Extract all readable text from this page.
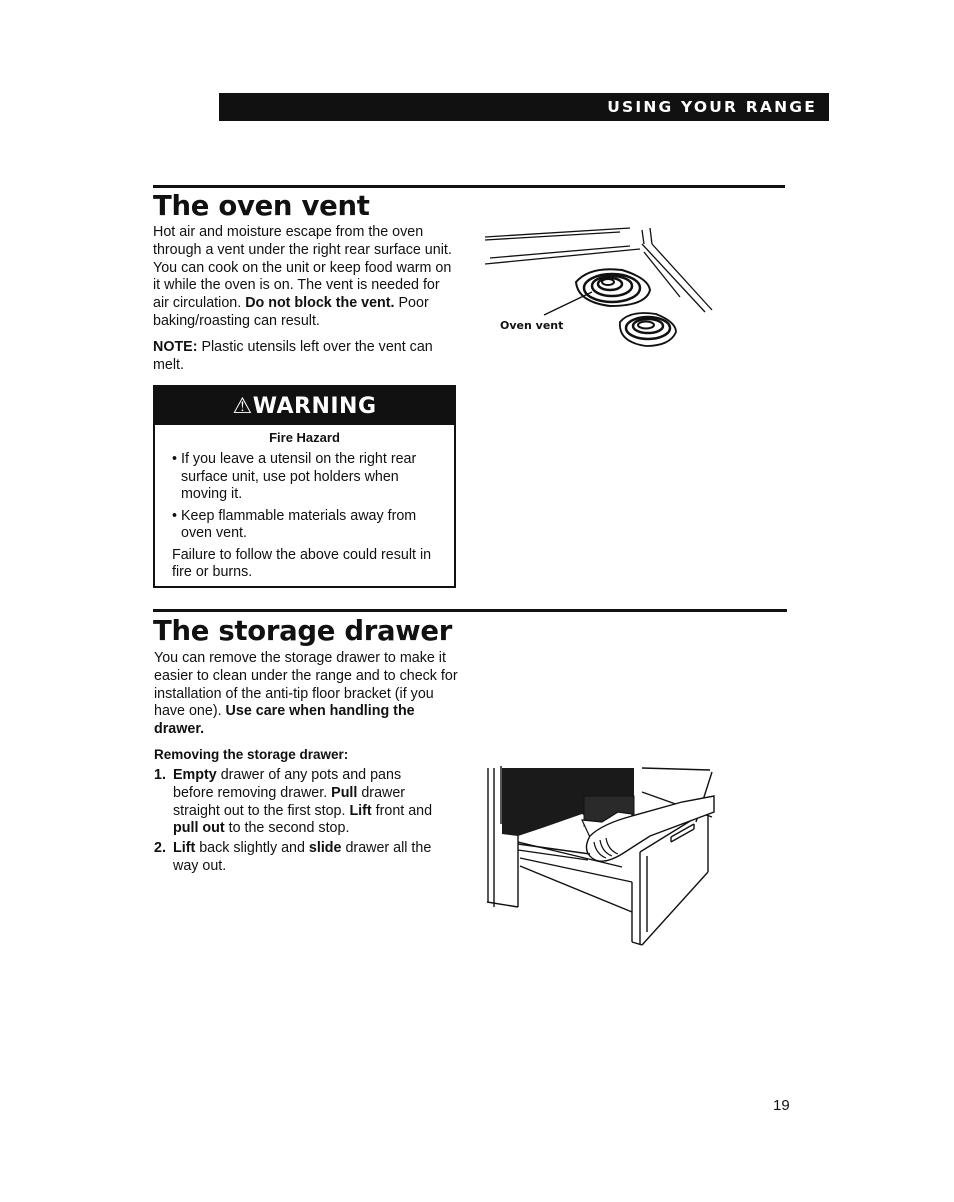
USING YOUR RANGE
The oven vent
Hot air and moisture escape from the oven through a vent under the right rear surface unit. You can cook on the unit or keep food warm on it while the oven is on. The vent is needed for air circulation. Do not block the vent. Poor baking/roasting can result.
NOTE: Plastic utensils left over the vent can melt.
Oven vent
⚠WARNING
Fire Hazard
• If you leave a utensil on the right rear surface unit, use pot holders when moving it.
• Keep flammable materials away from oven vent.
Failure to follow the above could result in fire or burns.
The storage drawer
You can remove the storage drawer to make it easier to clean under the range and to check for installation of the anti-tip floor bracket (if you have one). Use care when handling the drawer.
Removing the storage drawer:
1. Empty drawer of any pots and pans before removing drawer. Pull drawer straight out to the first stop. Lift front and pull out to the second stop.
2. Lift back slightly and slide drawer all the way out.
19
